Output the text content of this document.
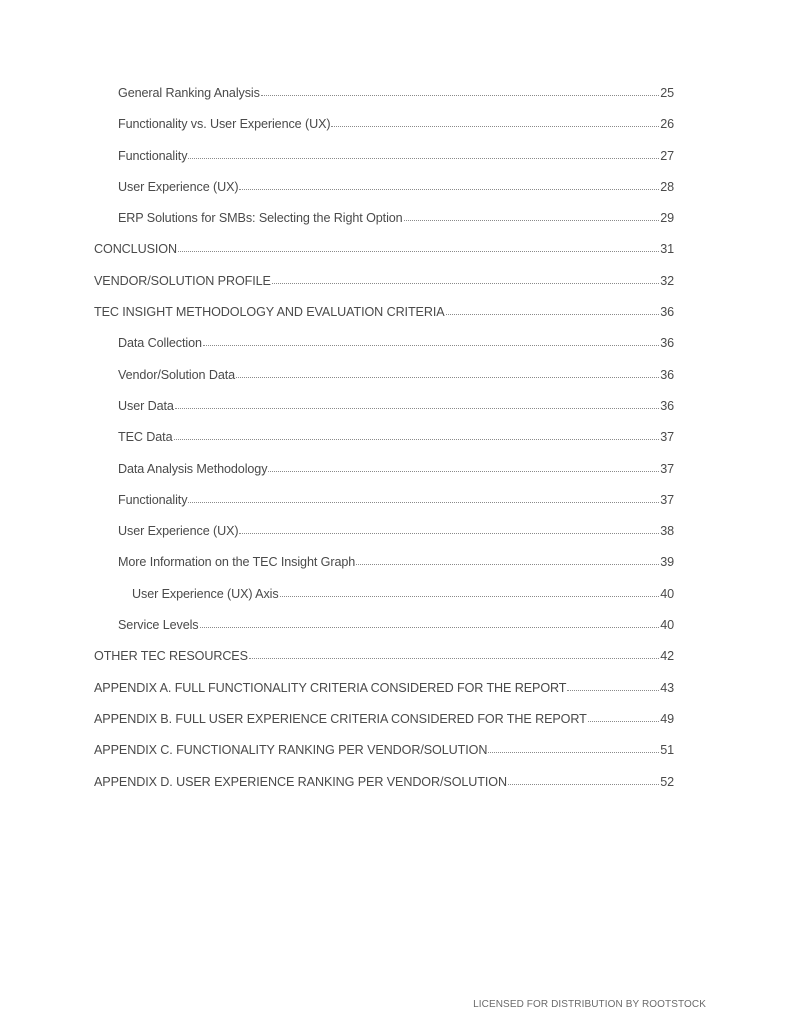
General Ranking Analysis	25
Functionality vs. User Experience (UX)	26
Functionality	27
User Experience (UX)	28
ERP Solutions for SMBs: Selecting the Right Option	29
CONCLUSION	31
VENDOR/SOLUTION PROFILE	32
TEC INSIGHT METHODOLOGY AND EVALUATION CRITERIA	36
Data Collection	36
Vendor/Solution Data	36
User Data	36
TEC Data	37
Data Analysis Methodology	37
Functionality	37
User Experience (UX)	38
More Information on the TEC Insight Graph	39
User Experience (UX) Axis	40
Service Levels	40
OTHER TEC RESOURCES	42
APPENDIX A. FULL FUNCTIONALITY CRITERIA CONSIDERED FOR THE REPORT	43
APPENDIX B. FULL USER EXPERIENCE CRITERIA CONSIDERED FOR THE REPORT	49
APPENDIX C. FUNCTIONALITY RANKING PER VENDOR/SOLUTION	51
APPENDIX D. USER EXPERIENCE RANKING PER VENDOR/SOLUTION	52
LICENSED FOR DISTRIBUTION BY ROOTSTOCK
